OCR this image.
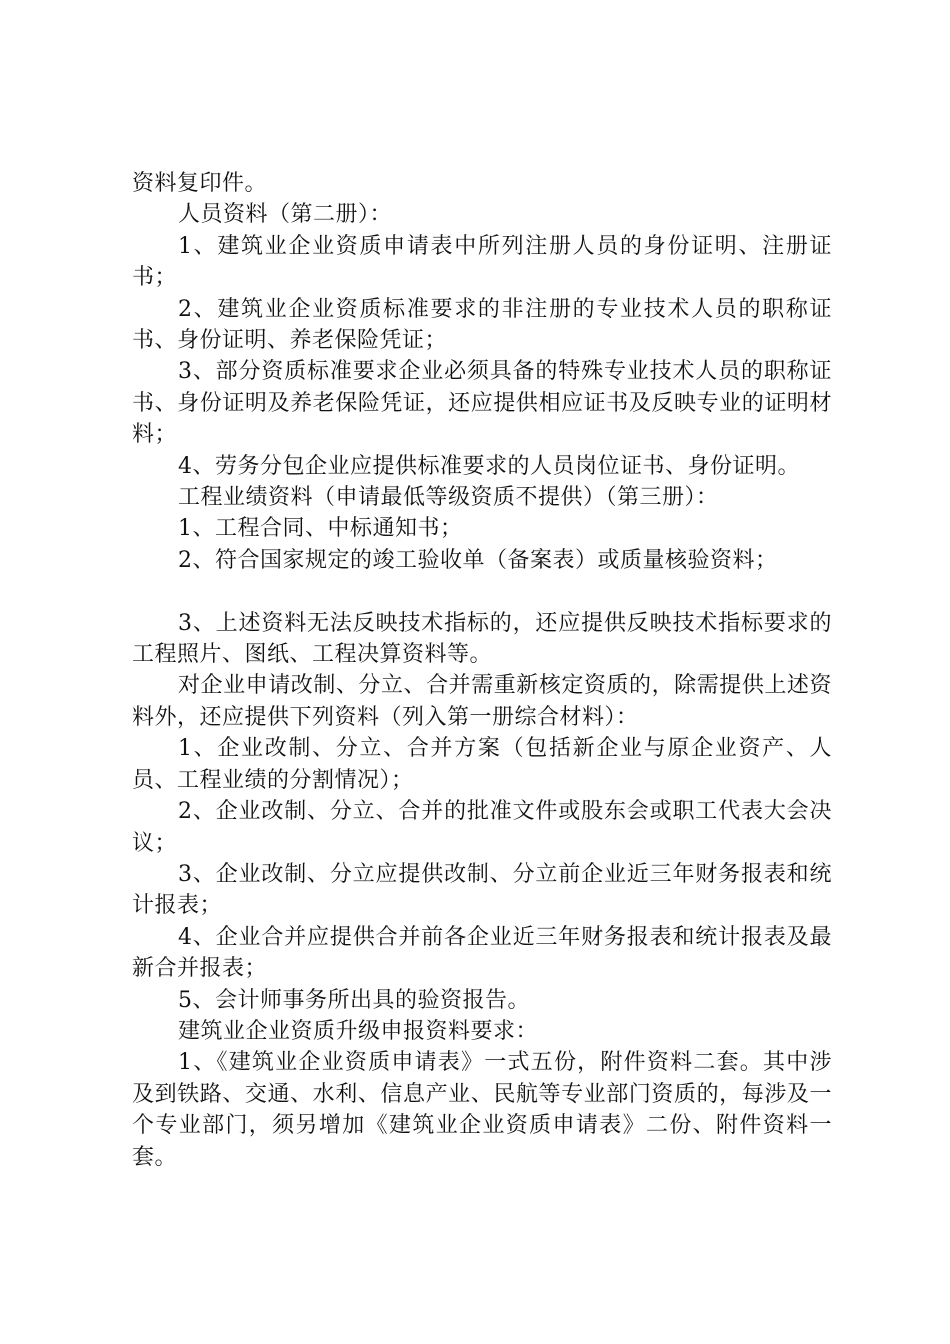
资料复印件。

人员资料（第二册）：

1、建筑业企业资质申请表中所列注册人员的身份证明、注册证书；

2、建筑业企业资质标准要求的非注册的专业技术人员的职称证书、身份证明、养老保险凭证；

3、部分资质标准要求企业必须具备的特殊专业技术人员的职称证书、身份证明及养老保险凭证，还应提供相应证书及反映专业的证明材料；

4、劳务分包企业应提供标准要求的人员岗位证书、身份证明。

工程业绩资料（申请最低等级资质不提供）（第三册）：

1、工程合同、中标通知书；

2、符合国家规定的竣工验收单（备案表）或质量核验资料；

3、上述资料无法反映技术指标的，还应提供反映技术指标要求的工程照片、图纸、工程决算资料等。

对企业申请改制、分立、合并需重新核定资质的，除需提供上述资料外，还应提供下列资料（列入第一册综合材料）：

1、企业改制、分立、合并方案（包括新企业与原企业资产、人员、工程业绩的分割情况）；

2、企业改制、分立、合并的批准文件或股东会或职工代表大会决议；

3、企业改制、分立应提供改制、分立前企业近三年财务报表和统计报表；

4、企业合并应提供合并前各企业近三年财务报表和统计报表及最新合并报表；

5、会计师事务所出具的验资报告。

建筑业企业资质升级申报资料要求：

1、《建筑业企业资质申请表》一式五份，附件资料二套。其中涉及到铁路、交通、水利、信息产业、民航等专业部门资质的，每涉及一个专业部门，须另增加《建筑业企业资质申请表》二份、附件资料一套。
